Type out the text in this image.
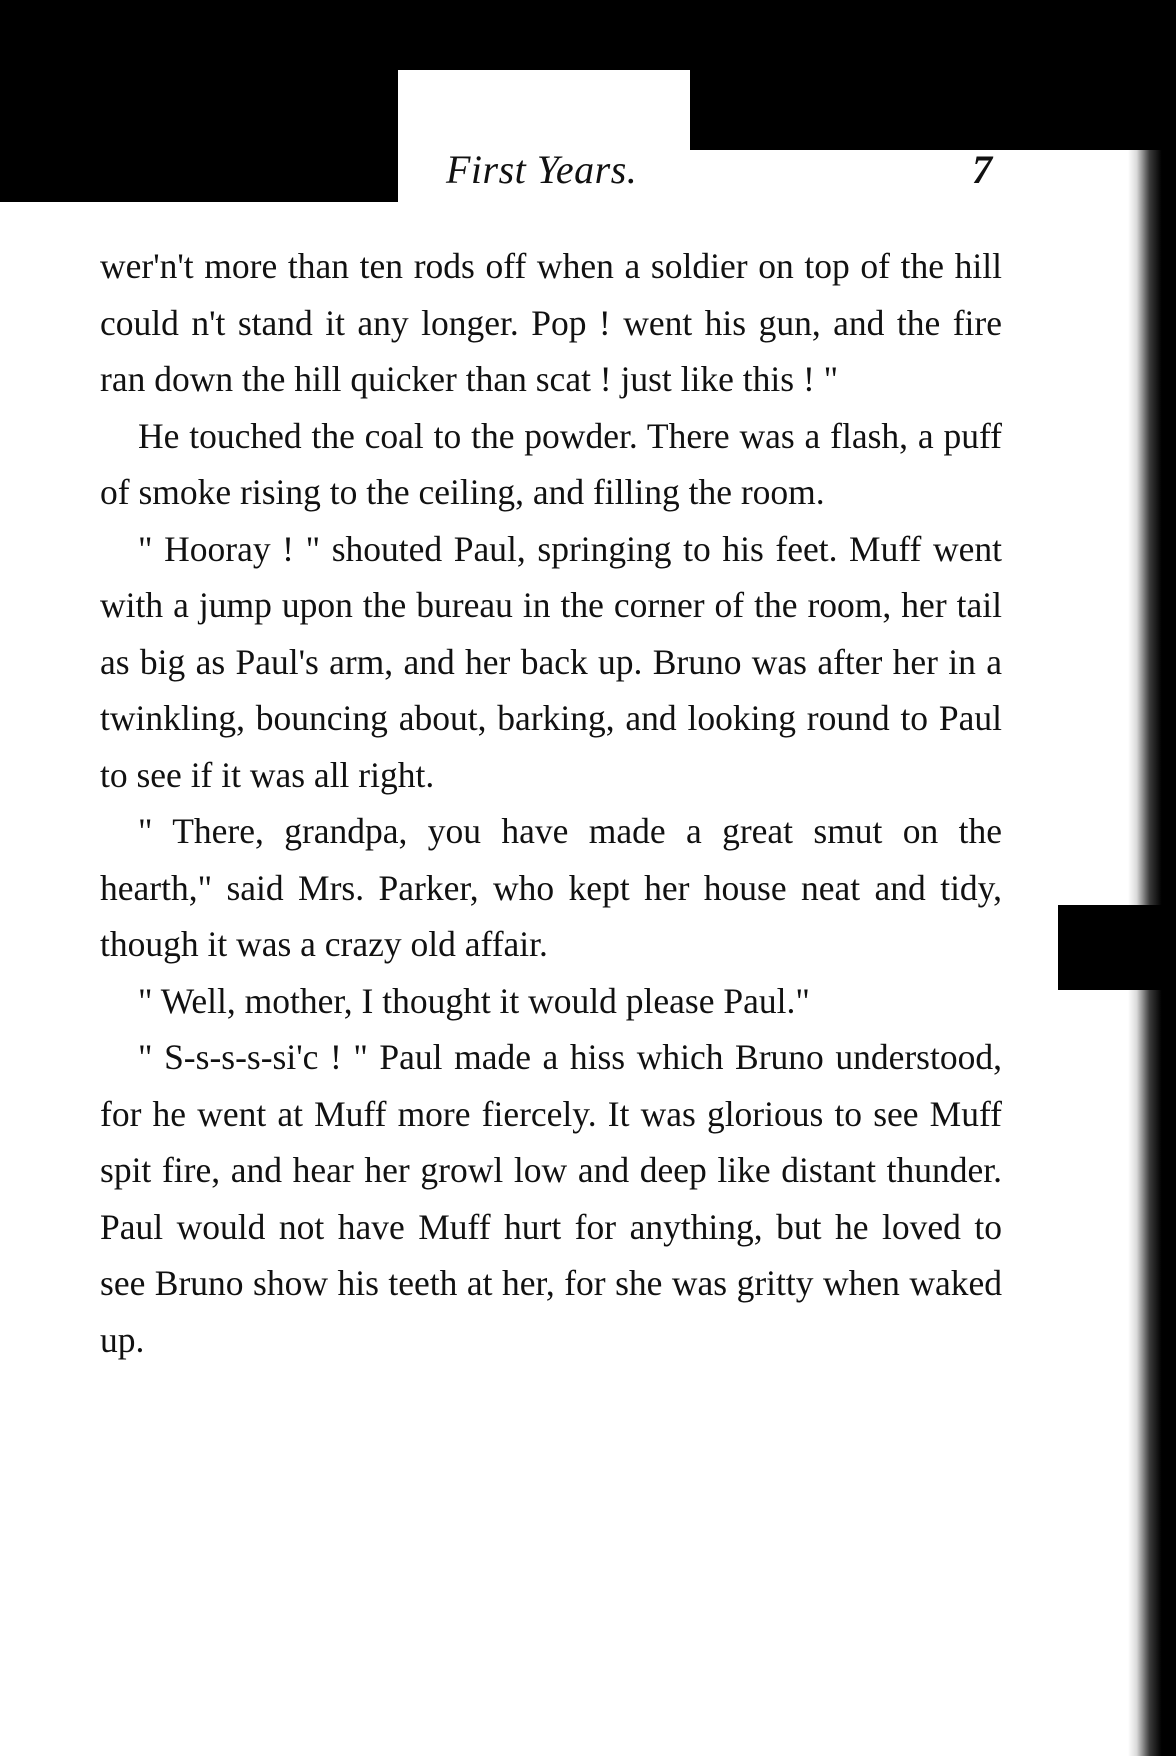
First Years.	7

wer'n't more than ten rods off when a soldier on top of the hill could n't stand it any longer. Pop ! went his gun, and the fire ran down the hill quicker than scat ! just like this ! "

He touched the coal to the powder. There was a flash, a puff of smoke rising to the ceiling, and filling the room.

" Hooray ! " shouted Paul, springing to his feet. Muff went with a jump upon the bureau in the corner of the room, her tail as big as Paul's arm, and her back up. Bruno was after her in a twinkling, bouncing about, barking, and looking round to Paul to see if it was all right.

" There, grandpa, you have made a great smut on the hearth," said Mrs. Parker, who kept her house neat and tidy, though it was a crazy old affair.

" Well, mother, I thought it would please Paul."

" S-s-s-s-si'c ! " Paul made a hiss which Bruno understood, for he went at Muff more fiercely. It was glorious to see Muff spit fire, and hear her growl low and deep like distant thunder. Paul would not have Muff hurt for anything, but he loved to see Bruno show his teeth at her, for she was gritty when waked up.
